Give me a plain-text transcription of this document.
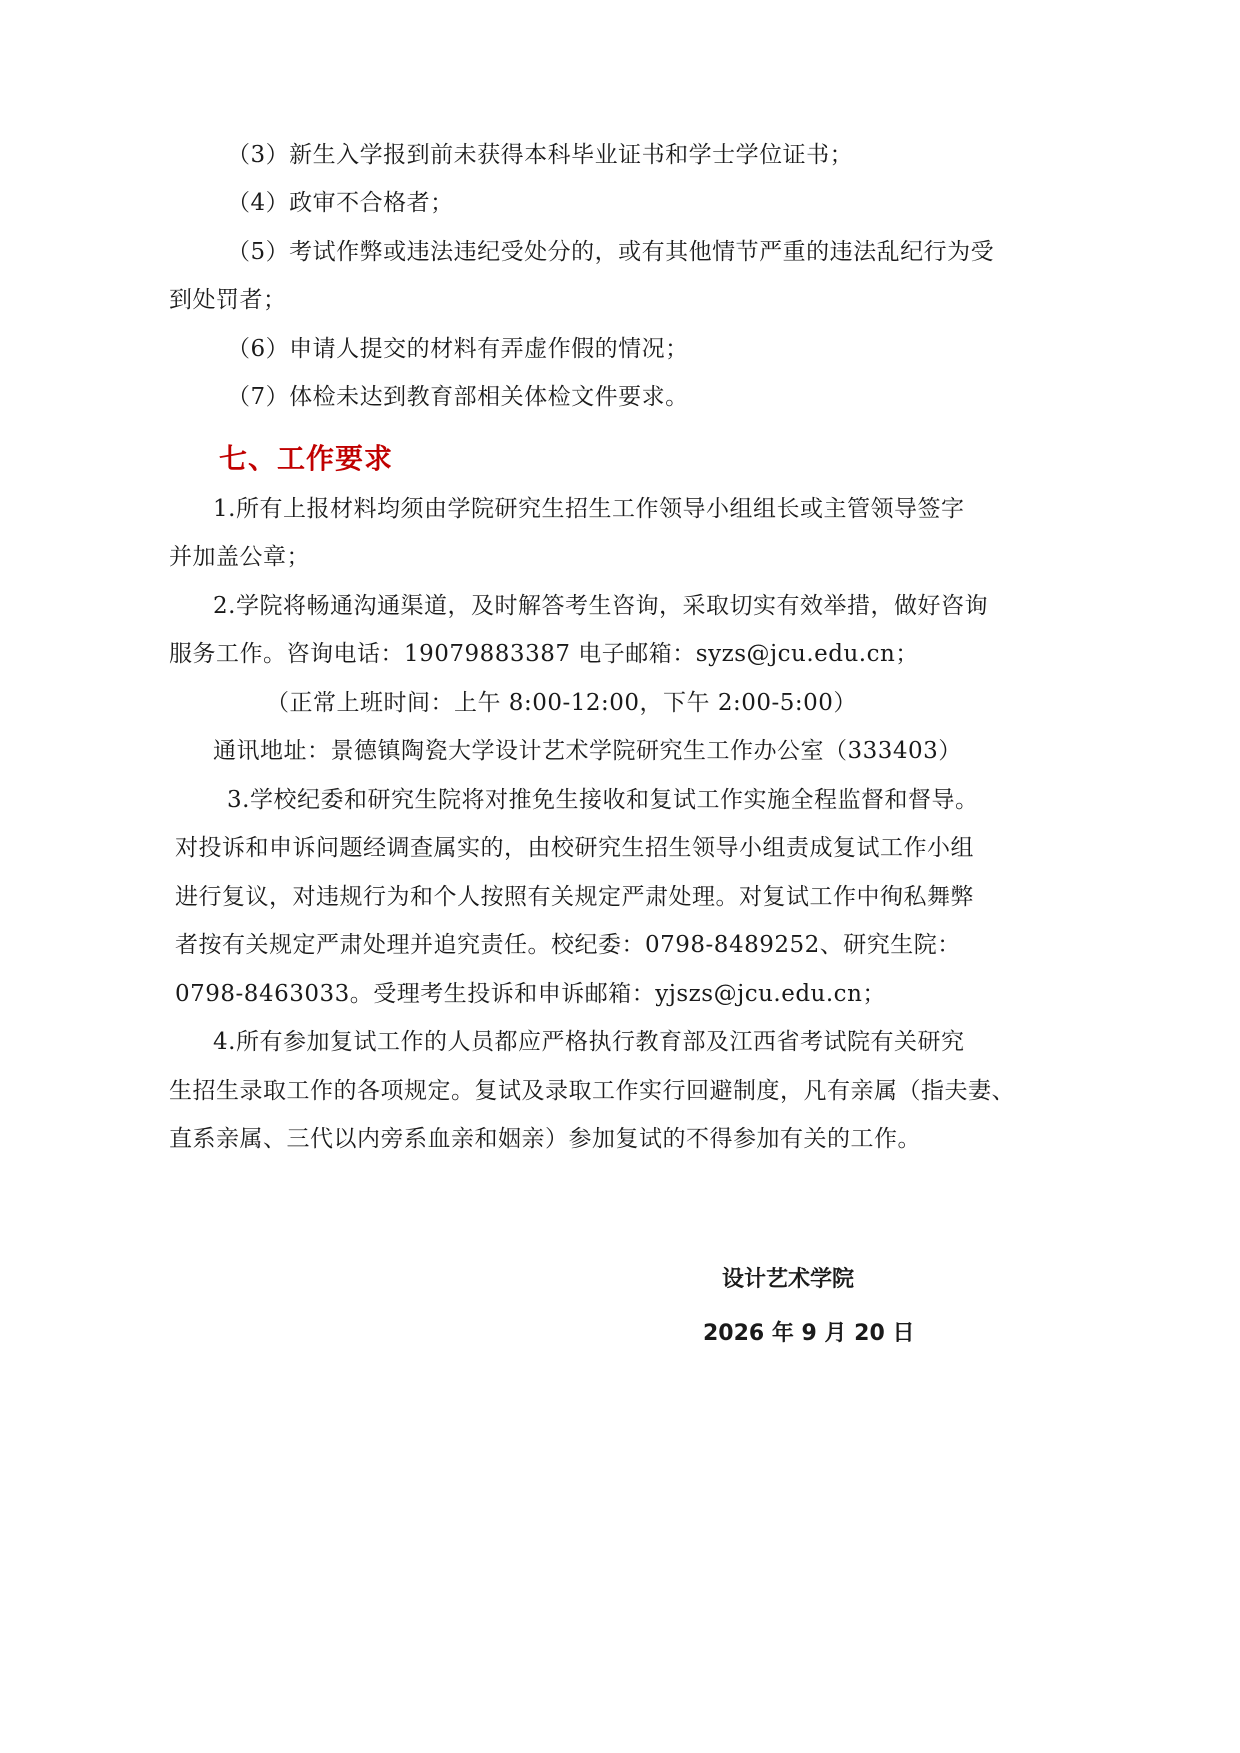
（3）新生入学报到前未获得本科毕业证书和学士学位证书；
（4）政审不合格者；
（5）考试作弊或违法违纪受处分的，或有其他情节严重的违法乱纪行为受
到处罚者；
（6）申请人提交的材料有弄虚作假的情况；
（7）体检未达到教育部相关体检文件要求。
七、工作要求
1.所有上报材料均须由学院研究生招生工作领导小组组长或主管领导签字
并加盖公章；
2.学院将畅通沟通渠道，及时解答考生咨询，采取切实有效举措，做好咨询
服务工作。咨询电话：19079883387 电子邮箱：syzs@jcu.edu.cn；
（正常上班时间：上午 8:00-12:00，下午 2:00-5:00）
通讯地址：景德镇陶瓷大学设计艺术学院研究生工作办公室（333403）
3.学校纪委和研究生院将对推免生接收和复试工作实施全程监督和督导。
对投诉和申诉问题经调查属实的，由校研究生招生领导小组责成复试工作小组
进行复议，对违规行为和个人按照有关规定严肃处理。对复试工作中徇私舞弊
者按有关规定严肃处理并追究责任。校纪委：0798-8489252、研究生院：
0798-8463033。受理考生投诉和申诉邮箱：yjszs@jcu.edu.cn；
4.所有参加复试工作的人员都应严格执行教育部及江西省考试院有关研究
生招生录取工作的各项规定。复试及录取工作实行回避制度，凡有亲属（指夫妻、
直系亲属、三代以内旁系血亲和姻亲）参加复试的不得参加有关的工作。
设计艺术学院
2026 年 9 月 20 日
